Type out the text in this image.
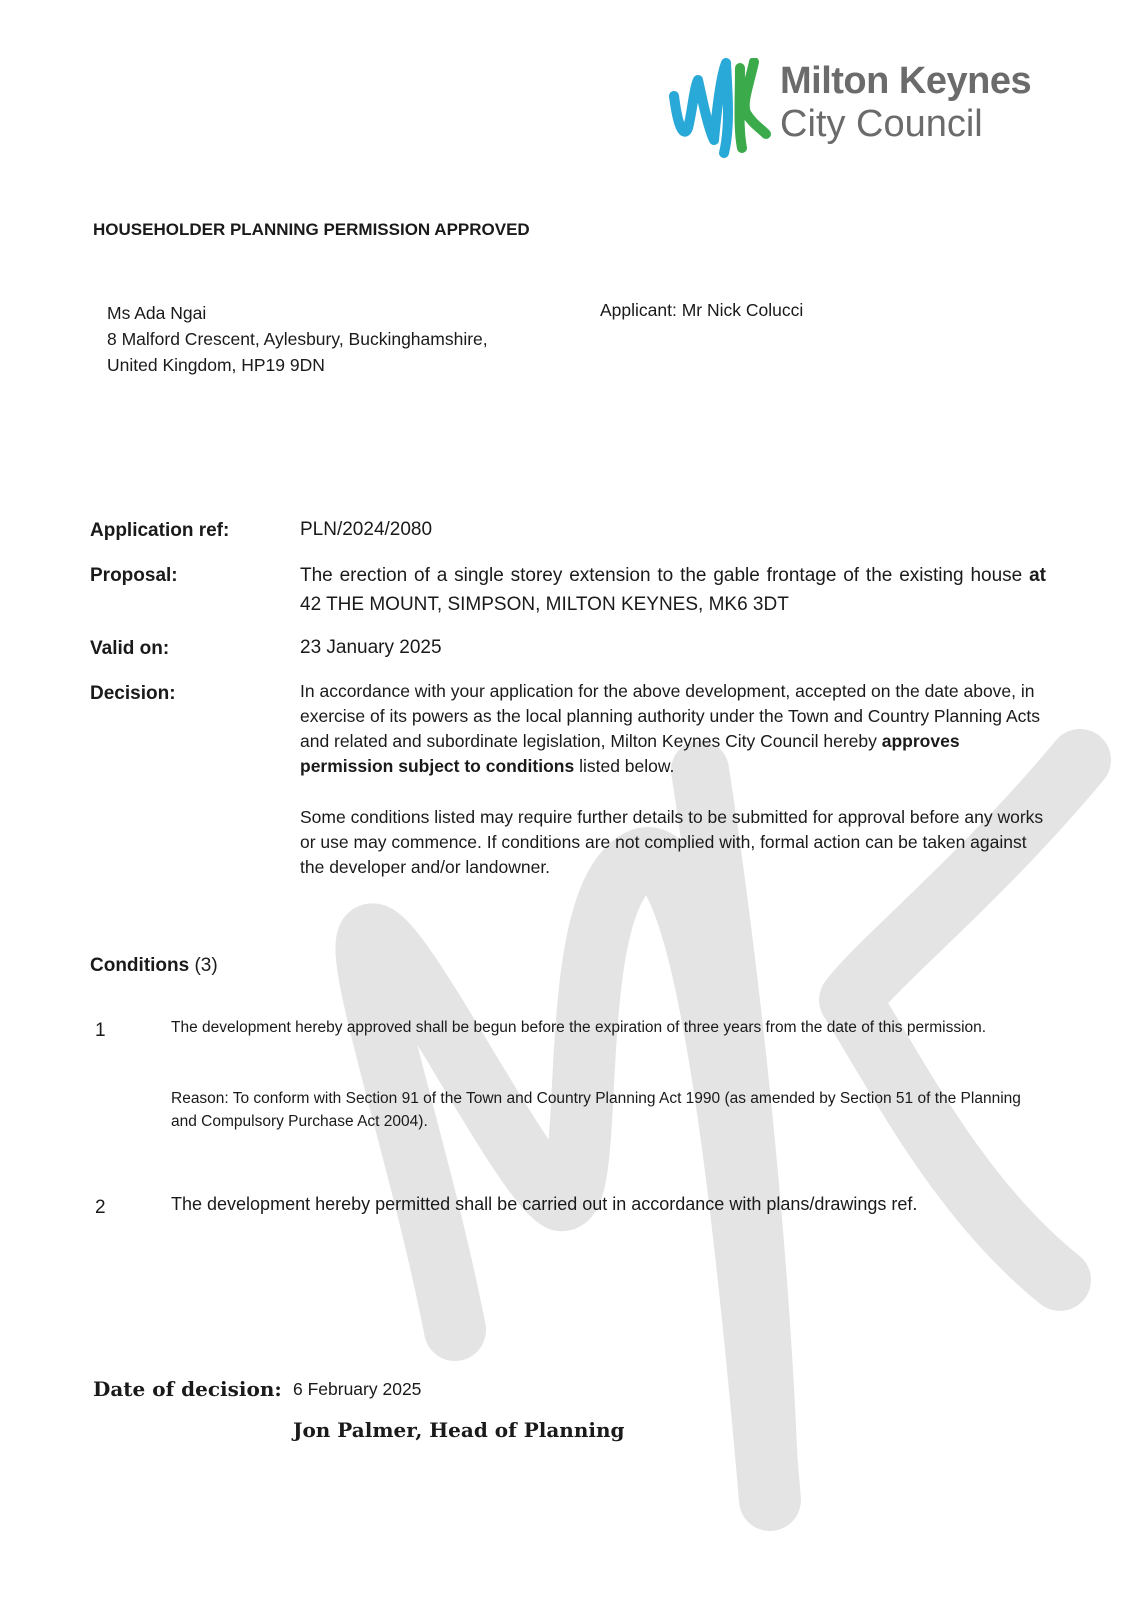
Milton Keynes
City Council
HOUSEHOLDER PLANNING PERMISSION APPROVED
Ms Ada Ngai
8 Malford Crescent, Aylesbury, Buckinghamshire,
United Kingdom, HP19 9DN
Applicant: Mr Nick Colucci
Application ref:	PLN/2024/2080
Proposal:	The erection of a single storey extension to the gable frontage of the existing house at 42 THE MOUNT, SIMPSON, MILTON KEYNES, MK6 3DT
Valid on:	23 January 2025
Decision:	In accordance with your application for the above development, accepted on the date above, in exercise of its powers as the local planning authority under the Town and Country Planning Acts and related and subordinate legislation, Milton Keynes City Council hereby approves permission subject to conditions listed below.
Some conditions listed may require further details to be submitted for approval before any works or use may commence. If conditions are not complied with, formal action can be taken against the developer and/or landowner.
Conditions (3)
1	The development hereby approved shall be begun before the expiration of three years from the date of this permission.
Reason: To conform with Section 91 of the Town and Country Planning Act 1990 (as amended by Section 51 of the Planning and Compulsory Purchase Act 2004).
2	The development hereby permitted shall be carried out in accordance with plans/drawings ref.
Date of decision: 6 February 2025
Jon Palmer, Head of Planning
